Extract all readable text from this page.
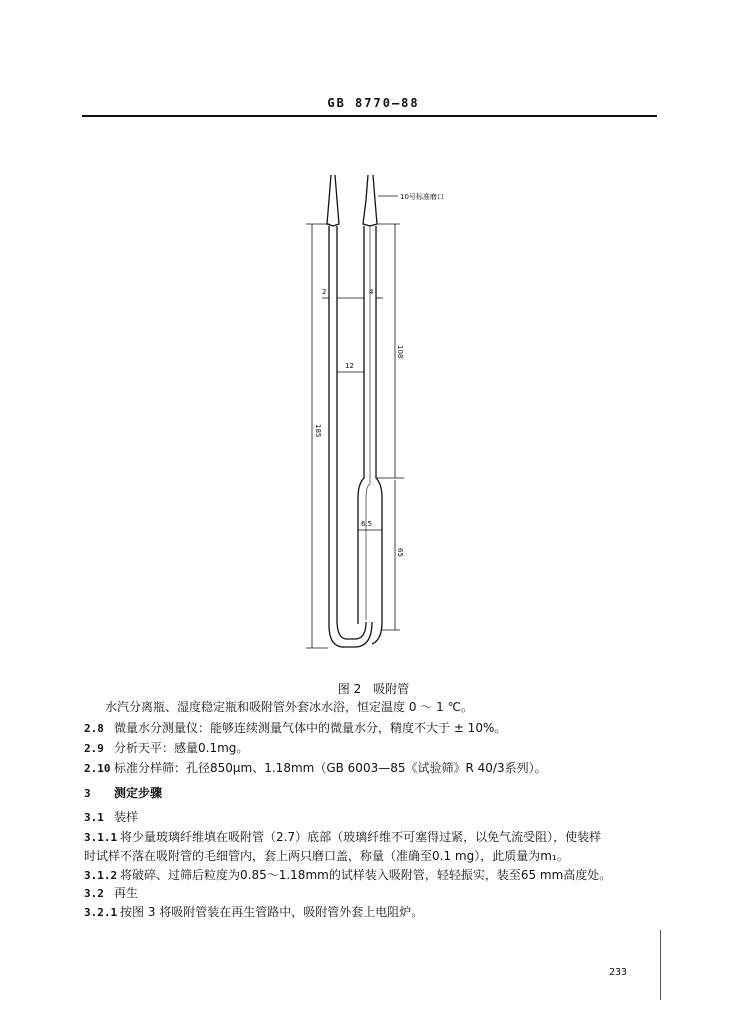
GB 8770—88
10号标准磨口
2	4
12
6.5
185
108
65
图 2　吸附管
水汽分离瓶、湿度稳定瓶和吸附管外套冰水浴，恒定温度 0 ～ 1 ℃。
2.8 微量水分测量仪：能够连续测量气体中的微量水分，精度不大于 ± 10%。
2.9 分析天平：感量0.1mg。
2.10 标准分样筛：孔径850μm、1.18mm（GB 6003—85《试验筛》R 40/3系列）。
3 测定步骤
3.1 装样
3.1.1 将少量玻璃纤维填在吸附管（2.7）底部（玻璃纤维不可塞得过紧，以免气流受阻），使装样
时试样不落在吸附管的毛细管内，套上两只磨口盖，称量（准确至0.1 mg），此质量为m₁。
3.1.2 将破碎、过筛后粒度为0.85～1.18mm的试样装入吸附管，轻轻振实，装至65 mm高度处。
3.2 再生
3.2.1 按图 3 将吸附管装在再生管路中，吸附管外套上电阻炉。
233
